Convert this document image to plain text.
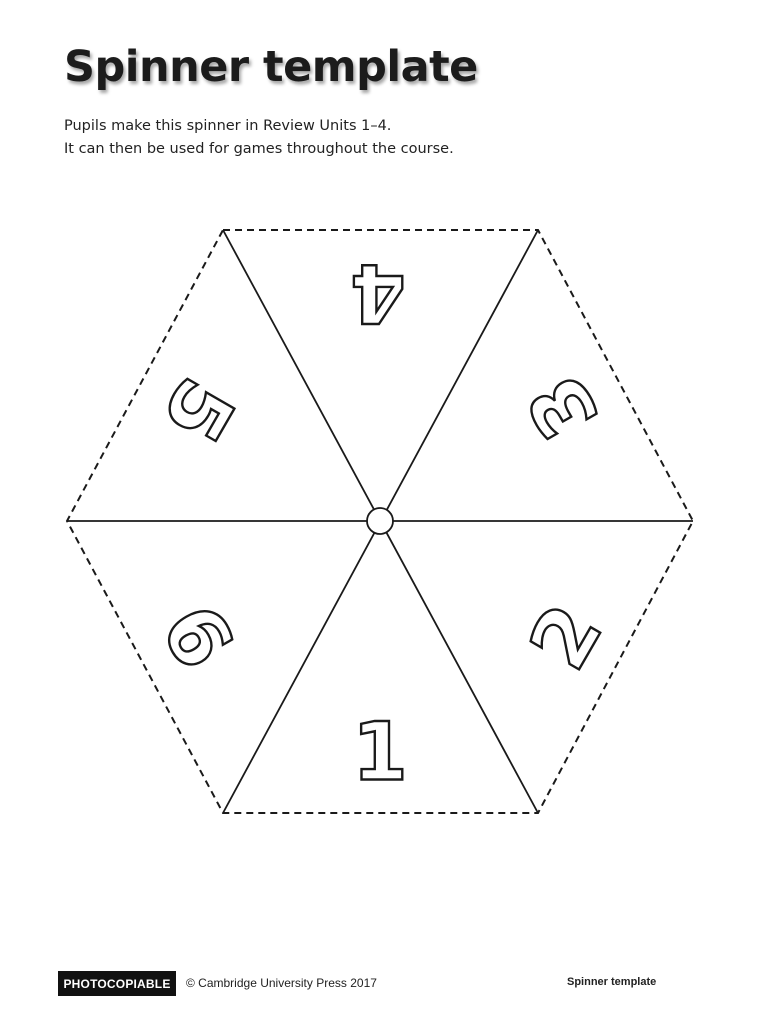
Spinner template
Pupils make this spinner in Review Units 1–4.
It can then be used for games throughout the course.
1
2
3
4
5
6
PHOTOCOPIABLE	© Cambridge University Press 2017	Spinner template
